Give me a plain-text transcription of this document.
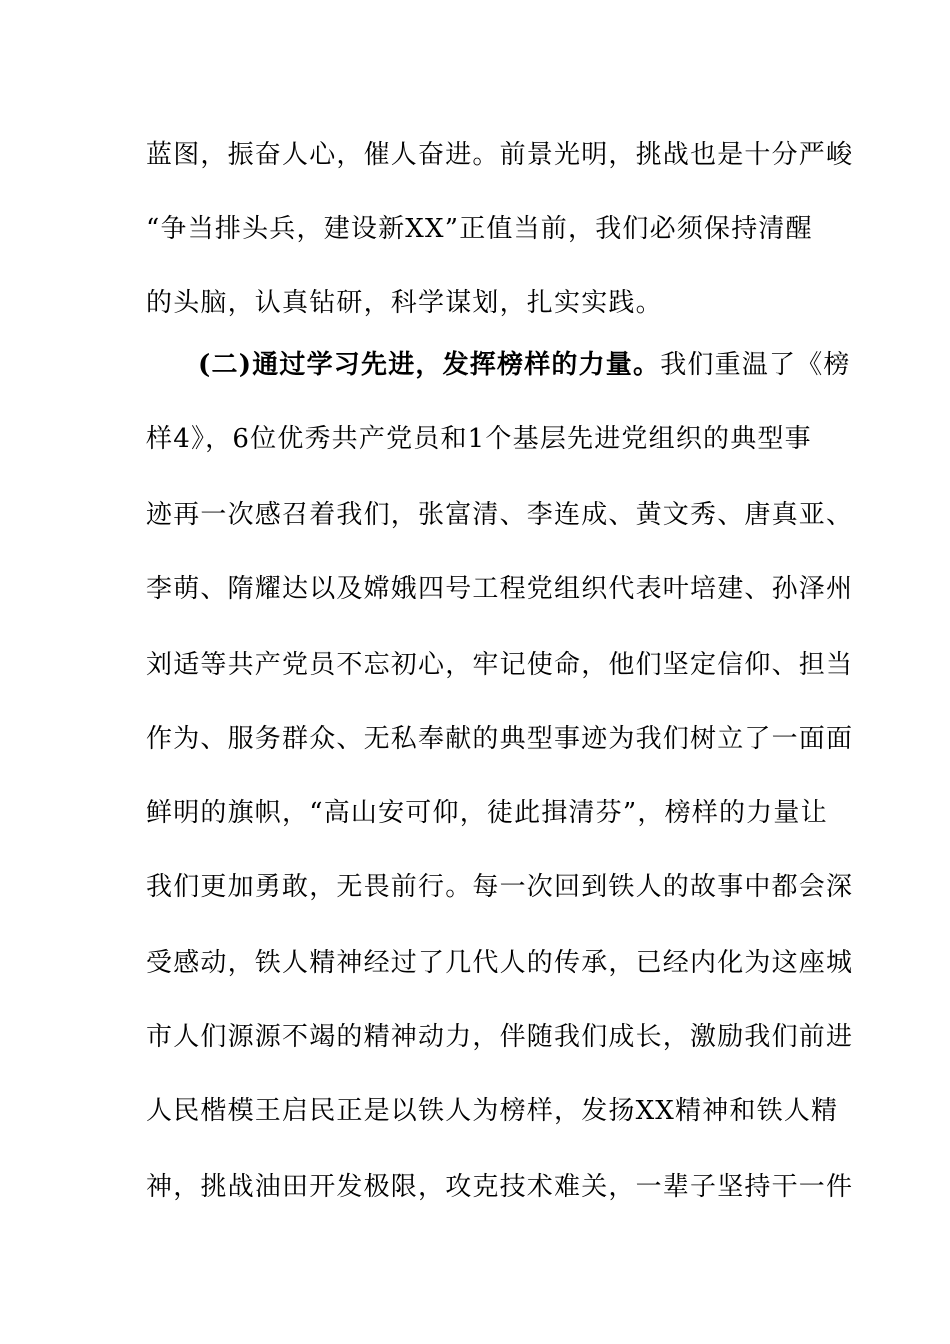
蓝图，振奋人心，催人奋进。前景光明，挑战也是十分严峻
“争当排头兵，建设新XX”正值当前，我们必须保持清醒
的头脑，认真钻研，科学谋划，扎实实践。
(二)通过学习先进，发挥榜样的力量。我们重温了《榜
样4》，6位优秀共产党员和1个基层先进党组织的典型事
迹再一次感召着我们，张富清、李连成、黄文秀、唐真亚、
李萌、隋耀达以及嫦娥四号工程党组织代表叶培建、孙泽州
刘适等共产党员不忘初心，牢记使命，他们坚定信仰、担当
作为、服务群众、无私奉献的典型事迹为我们树立了一面面
鲜明的旗帜，“高山安可仰，徒此揖清芬”，榜样的力量让
我们更加勇敢，无畏前行。每一次回到铁人的故事中都会深
受感动，铁人精神经过了几代人的传承，已经内化为这座城
市人们源源不竭的精神动力，伴随我们成长，激励我们前进
人民楷模王启民正是以铁人为榜样，发扬XX精神和铁人精
神，挑战油田开发极限，攻克技术难关，一辈子坚持干一件
